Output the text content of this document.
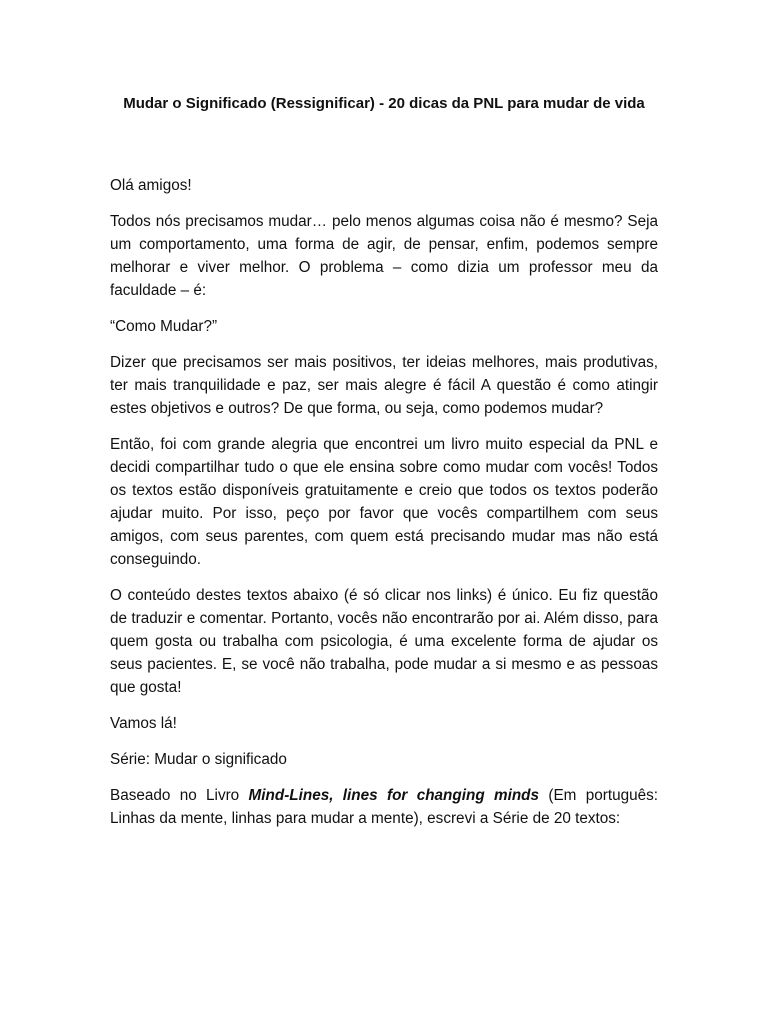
Mudar o Significado (Ressignificar) - 20 dicas da PNL para mudar de vida

Olá amigos!

Todos nós precisamos mudar… pelo menos algumas coisa não é mesmo? Seja um comportamento, uma forma de agir, de pensar, enfim, podemos sempre melhorar e viver melhor. O problema – como dizia um professor meu da faculdade – é:

“Como Mudar?”

Dizer que precisamos ser mais positivos, ter ideias melhores, mais produtivas, ter mais tranquilidade e paz, ser mais alegre é fácil A questão é como atingir estes objetivos e outros? De que forma, ou seja, como podemos mudar?

Então, foi com grande alegria que encontrei um livro muito especial da PNL e decidi compartilhar tudo o que ele ensina sobre como mudar com vocês! Todos os textos estão disponíveis gratuitamente e creio que todos os textos poderão ajudar muito. Por isso, peço por favor que vocês compartilhem com seus amigos, com seus parentes, com quem está precisando mudar mas não está conseguindo.

O conteúdo destes textos abaixo (é só clicar nos links) é único. Eu fiz questão de traduzir e comentar. Portanto, vocês não encontrarão por ai. Além disso, para quem gosta ou trabalha com psicologia, é uma excelente forma de ajudar os seus pacientes. E, se você não trabalha, pode mudar a si mesmo e as pessoas que gosta!

Vamos lá!

Série: Mudar o significado

Baseado no Livro Mind-Lines, lines for changing minds (Em português: Linhas da mente, linhas para mudar a mente), escrevi a Série de 20 textos:
